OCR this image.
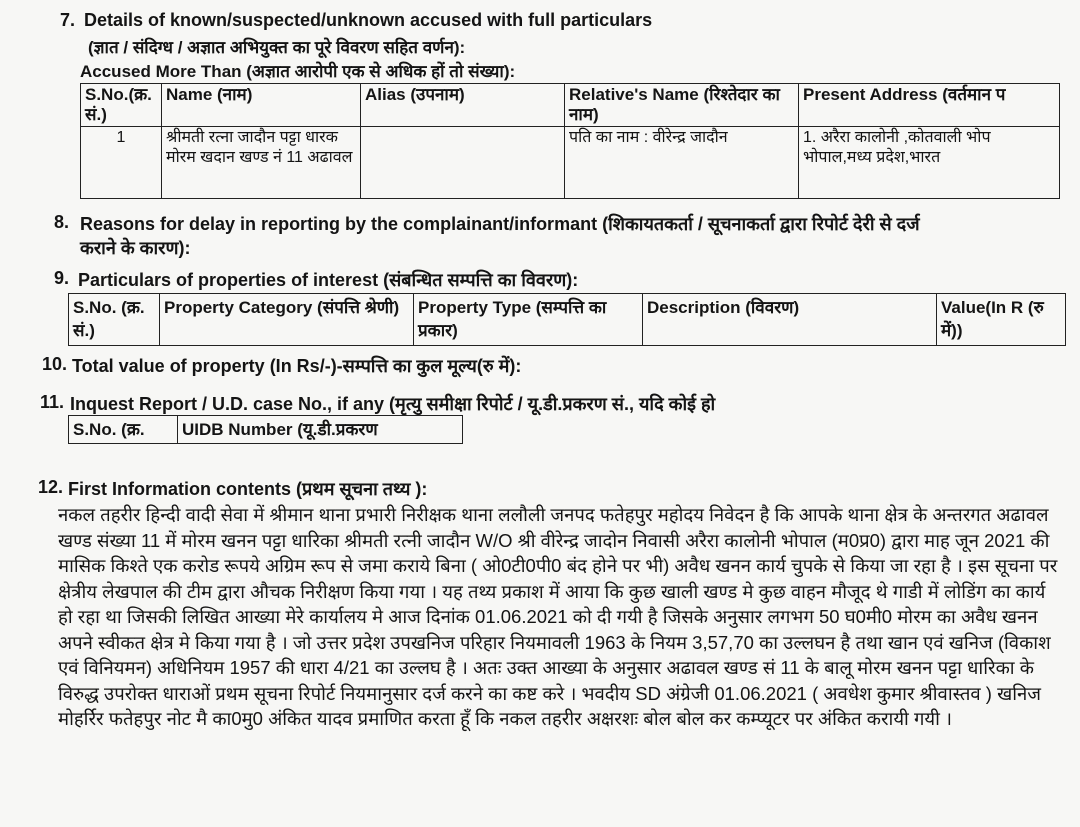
7. Details of known/suspected/unknown accused with full particulars
(ज्ञात / संदिग्ध / अज्ञात अभियुक्त का पूरे विवरण सहित वर्णन):
Accused More Than (अज्ञात आरोपी एक से अधिक हों तो संख्या):
S.No.(क्र. सं.)	Name (नाम)	Alias (उपनाम)	Relative's Name (रिश्तेदार का नाम)	Present Address (वर्तमान प
1	श्रीमती रत्ना जादौन पट्टा धारक मोरम खदान खण्ड नं 11 अढावल		पति का नाम : वीरेन्द्र जादौन	1. अरैरा कालोनी ,कोतवाली भोप भोपाल,मध्य प्रदेश,भारत
8. Reasons for delay in reporting by the complainant/informant (शिकायतकर्ता / सूचनाकर्ता द्वारा रिपोर्ट देरी से दर्ज
कराने के कारण):
9. Particulars of properties of interest (संबन्धित सम्पत्ति का विवरण):
S.No. (क्र. सं.)	Property Category (संपत्ति श्रेणी)	Property Type (सम्पत्ति का प्रकार)	Description (विवरण)	Value(In R (रु में))
10. Total value of property (In Rs/-)-सम्पत्ति का कुल मूल्य(रु में):
11. Inquest Report / U.D. case No., if any (मृत्यु समीक्षा रिपोर्ट / यू.डी.प्रकरण सं., यदि कोई हो
S.No. (क्र.	UIDB Number (यू.डी.प्रकरण
12. First Information contents (प्रथम सूचना तथ्य ):
नकल तहरीर हिन्दी वादी सेवा में श्रीमान थाना प्रभारी निरीक्षक थाना ललौली जनपद फतेहपुर महोदय निवेदन है कि आपके थाना क्षेत्र के अन्तरगत अढावल खण्ड संख्या 11 में मोरम खनन पट्टा धारिका श्रीमती रत्नी जादौन W/O श्री वीरेन्द्र जादोन निवासी अरैरा कालोनी भोपाल (म0प्र0) द्वारा माह जून 2021 की मासिक किश्ते एक करोड रूपये अग्रिम रूप से जमा कराये बिना ( ओ0टी0पी0 बंद होने पर भी) अवैध खनन कार्य चुपके से किया जा रहा है । इस सूचना पर क्षेत्रीय लेखपाल की टीम द्वारा औचक निरीक्षण किया गया । यह तथ्य प्रकाश में आया कि कुछ खाली खण्ड मे कुछ वाहन मौजूद थे गाडी में लोडिंग का कार्य हो रहा था जिसकी लिखित आख्या मेरे कार्यालय मे आज दिनांक 01.06.2021 को दी गयी है जिसके अनुसार लगभग 50 घ0मी0 मोरम का अवैध खनन अपने स्वीकत क्षेत्र मे किया गया है । जो उत्तर प्रदेश उपखनिज परिहार नियमावली 1963 के नियम 3,57,70 का उल्लघन है तथा खान एवं खनिज (विकाश एवं विनियमन) अधिनियम 1957 की धारा 4/21 का उल्लघ है । अतः उक्त आख्या के अनुसार अढावल खण्ड सं 11 के बालू मोरम खनन पट्टा धारिका के विरुद्ध उपरोक्त धाराओं प्रथम सूचना रिपोर्ट नियमानुसार दर्ज करने का कष्ट करे । भवदीय SD अंग्रेजी 01.06.2021 ( अवधेश कुमार श्रीवास्तव ) खनिज मोहर्रिर फतेहपुर नोट मै का0मु0 अंकित यादव प्रमाणित करता हूँ कि नकल तहरीर अक्षरशः बोल बोल कर कम्प्यूटर पर अंकित करायी गयी ।
